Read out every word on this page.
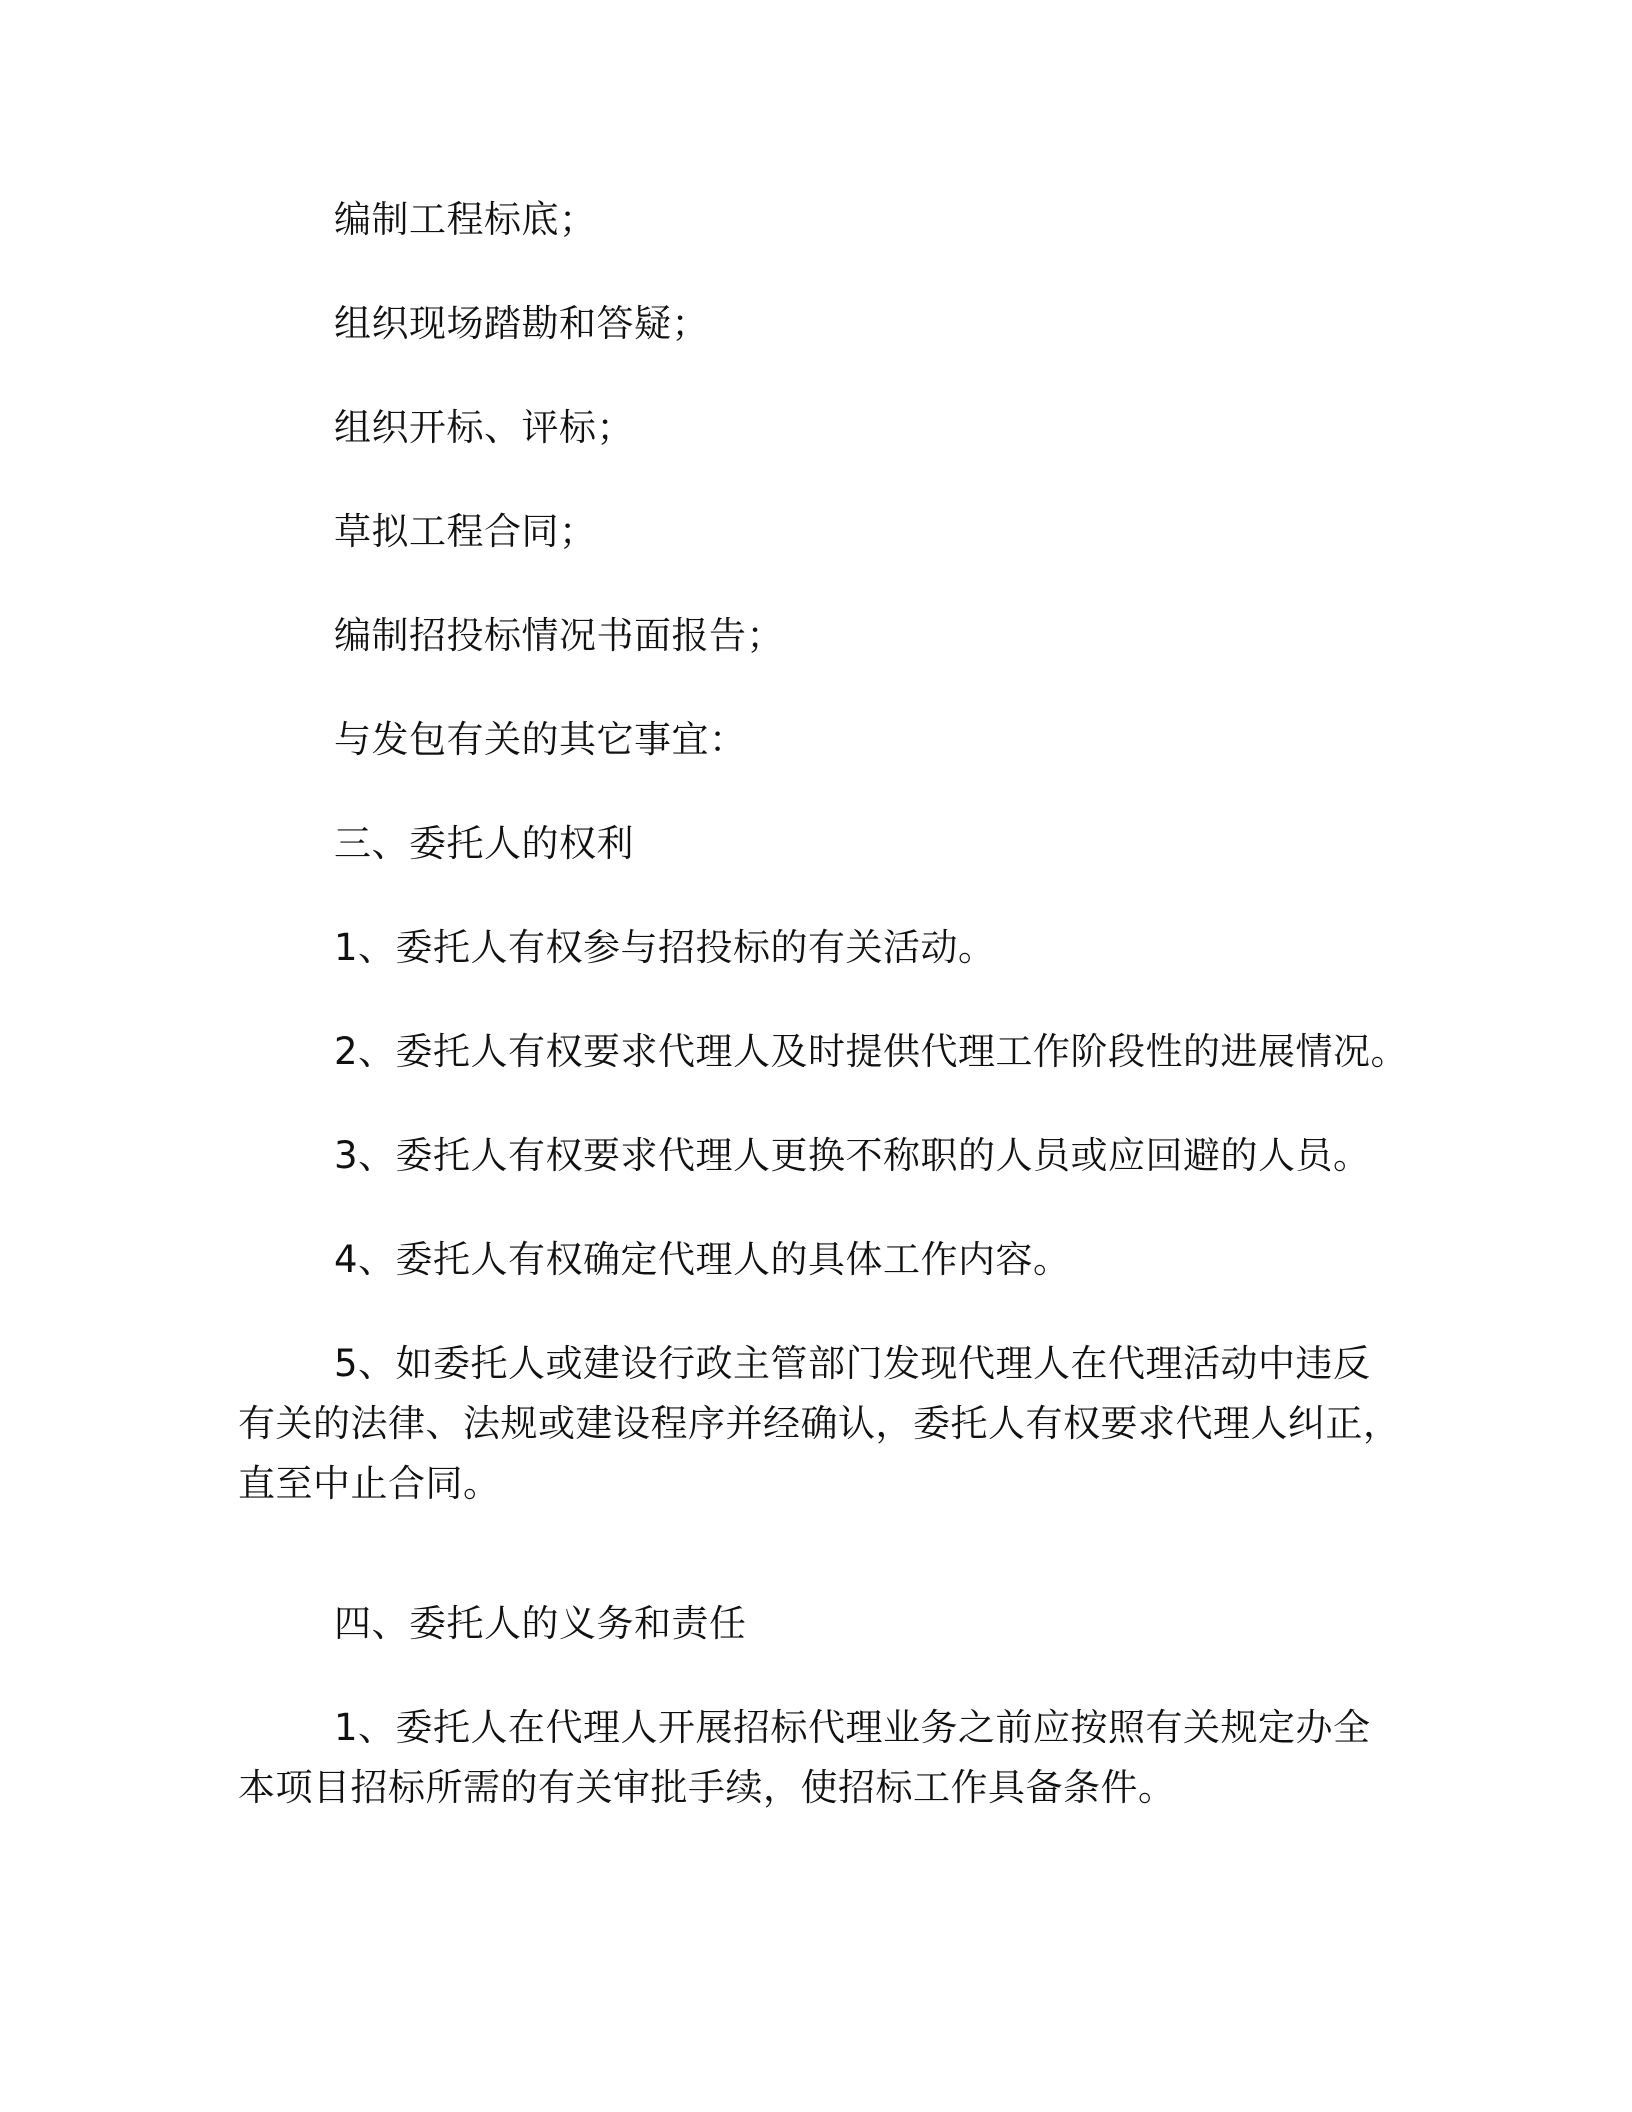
编制工程标底；
组织现场踏勘和答疑；
组织开标、评标；
草拟工程合同；
编制招投标情况书面报告；
与发包有关的其它事宜：
三、委托人的权利
1、委托人有权参与招投标的有关活动。
2、委托人有权要求代理人及时提供代理工作阶段性的进展情况。
3、委托人有权要求代理人更换不称职的人员或应回避的人员。
4、委托人有权确定代理人的具体工作内容。
5、如委托人或建设行政主管部门发现代理人在代理活动中违反
有关的法律、法规或建设程序并经确认，委托人有权要求代理人纠正，
直至中止合同。
四、委托人的义务和责任
1、委托人在代理人开展招标代理业务之前应按照有关规定办全
本项目招标所需的有关审批手续，使招标工作具备条件。
